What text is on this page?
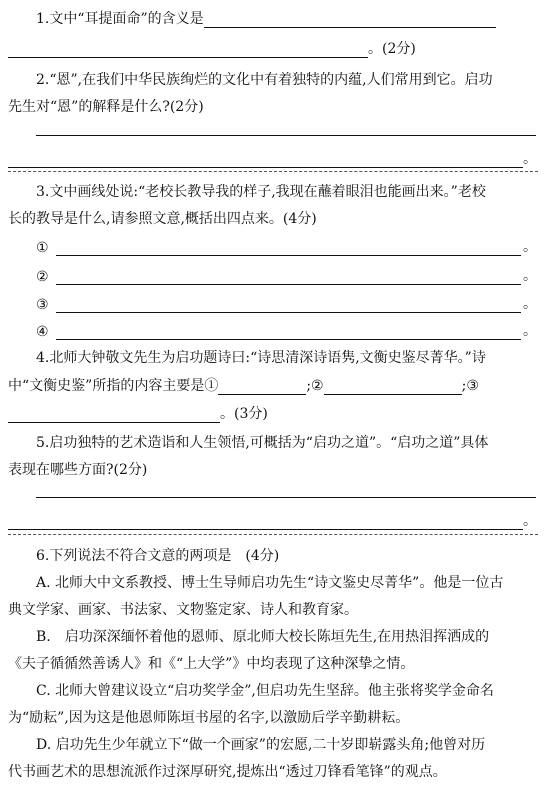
1.文中“耳提面命”的含义是
。(2分)
2.“恩”,在我们中华民族绚烂的文化中有着独特的内蕴,人们常用到它。启功
先生对“恩”的解释是什么?(2分)
。
3.文中画线处说:“老校长教导我的样子,我现在蘸着眼泪也能画出来。”老校
长的教导是什么,请参照文意,概括出四点来。(4分)
①	。
②	。
③	。
④	。
4.北师大钟敬文先生为启功题诗曰:“诗思清深诗语隽,文衡史鉴尽菁华。”诗
中“文衡史鉴”所指的内容主要是①	;②	;③
。(3分)
5.启功独特的艺术造诣和人生领悟,可概括为“启功之道”。“启功之道”具体
表现在哪些方面?(2分)
。
6.下列说法不符合文意的两项是　(4分)
A. 北师大中文系教授、博士生导师启功先生“诗文鉴史尽菁华”。他是一位古
典文学家、画家、书法家、文物鉴定家、诗人和教育家。
B.　启功深深缅怀着他的恩师、原北师大校长陈垣先生,在用热泪挥洒成的
《夫子循循然善诱人》和《“上大学”》中均表现了这种深挚之情。
C. 北师大曾建议设立“启功奖学金”,但启功先生坚辞。他主张将奖学金命名
为“励耘”,因为这是他恩师陈垣书屋的名字,以激励后学辛勤耕耘。
D. 启功先生少年就立下“做一个画家”的宏愿,二十岁即崭露头角;他曾对历
代书画艺术的思想流派作过深厚研究,提炼出“透过刀锋看笔锋”的观点。
